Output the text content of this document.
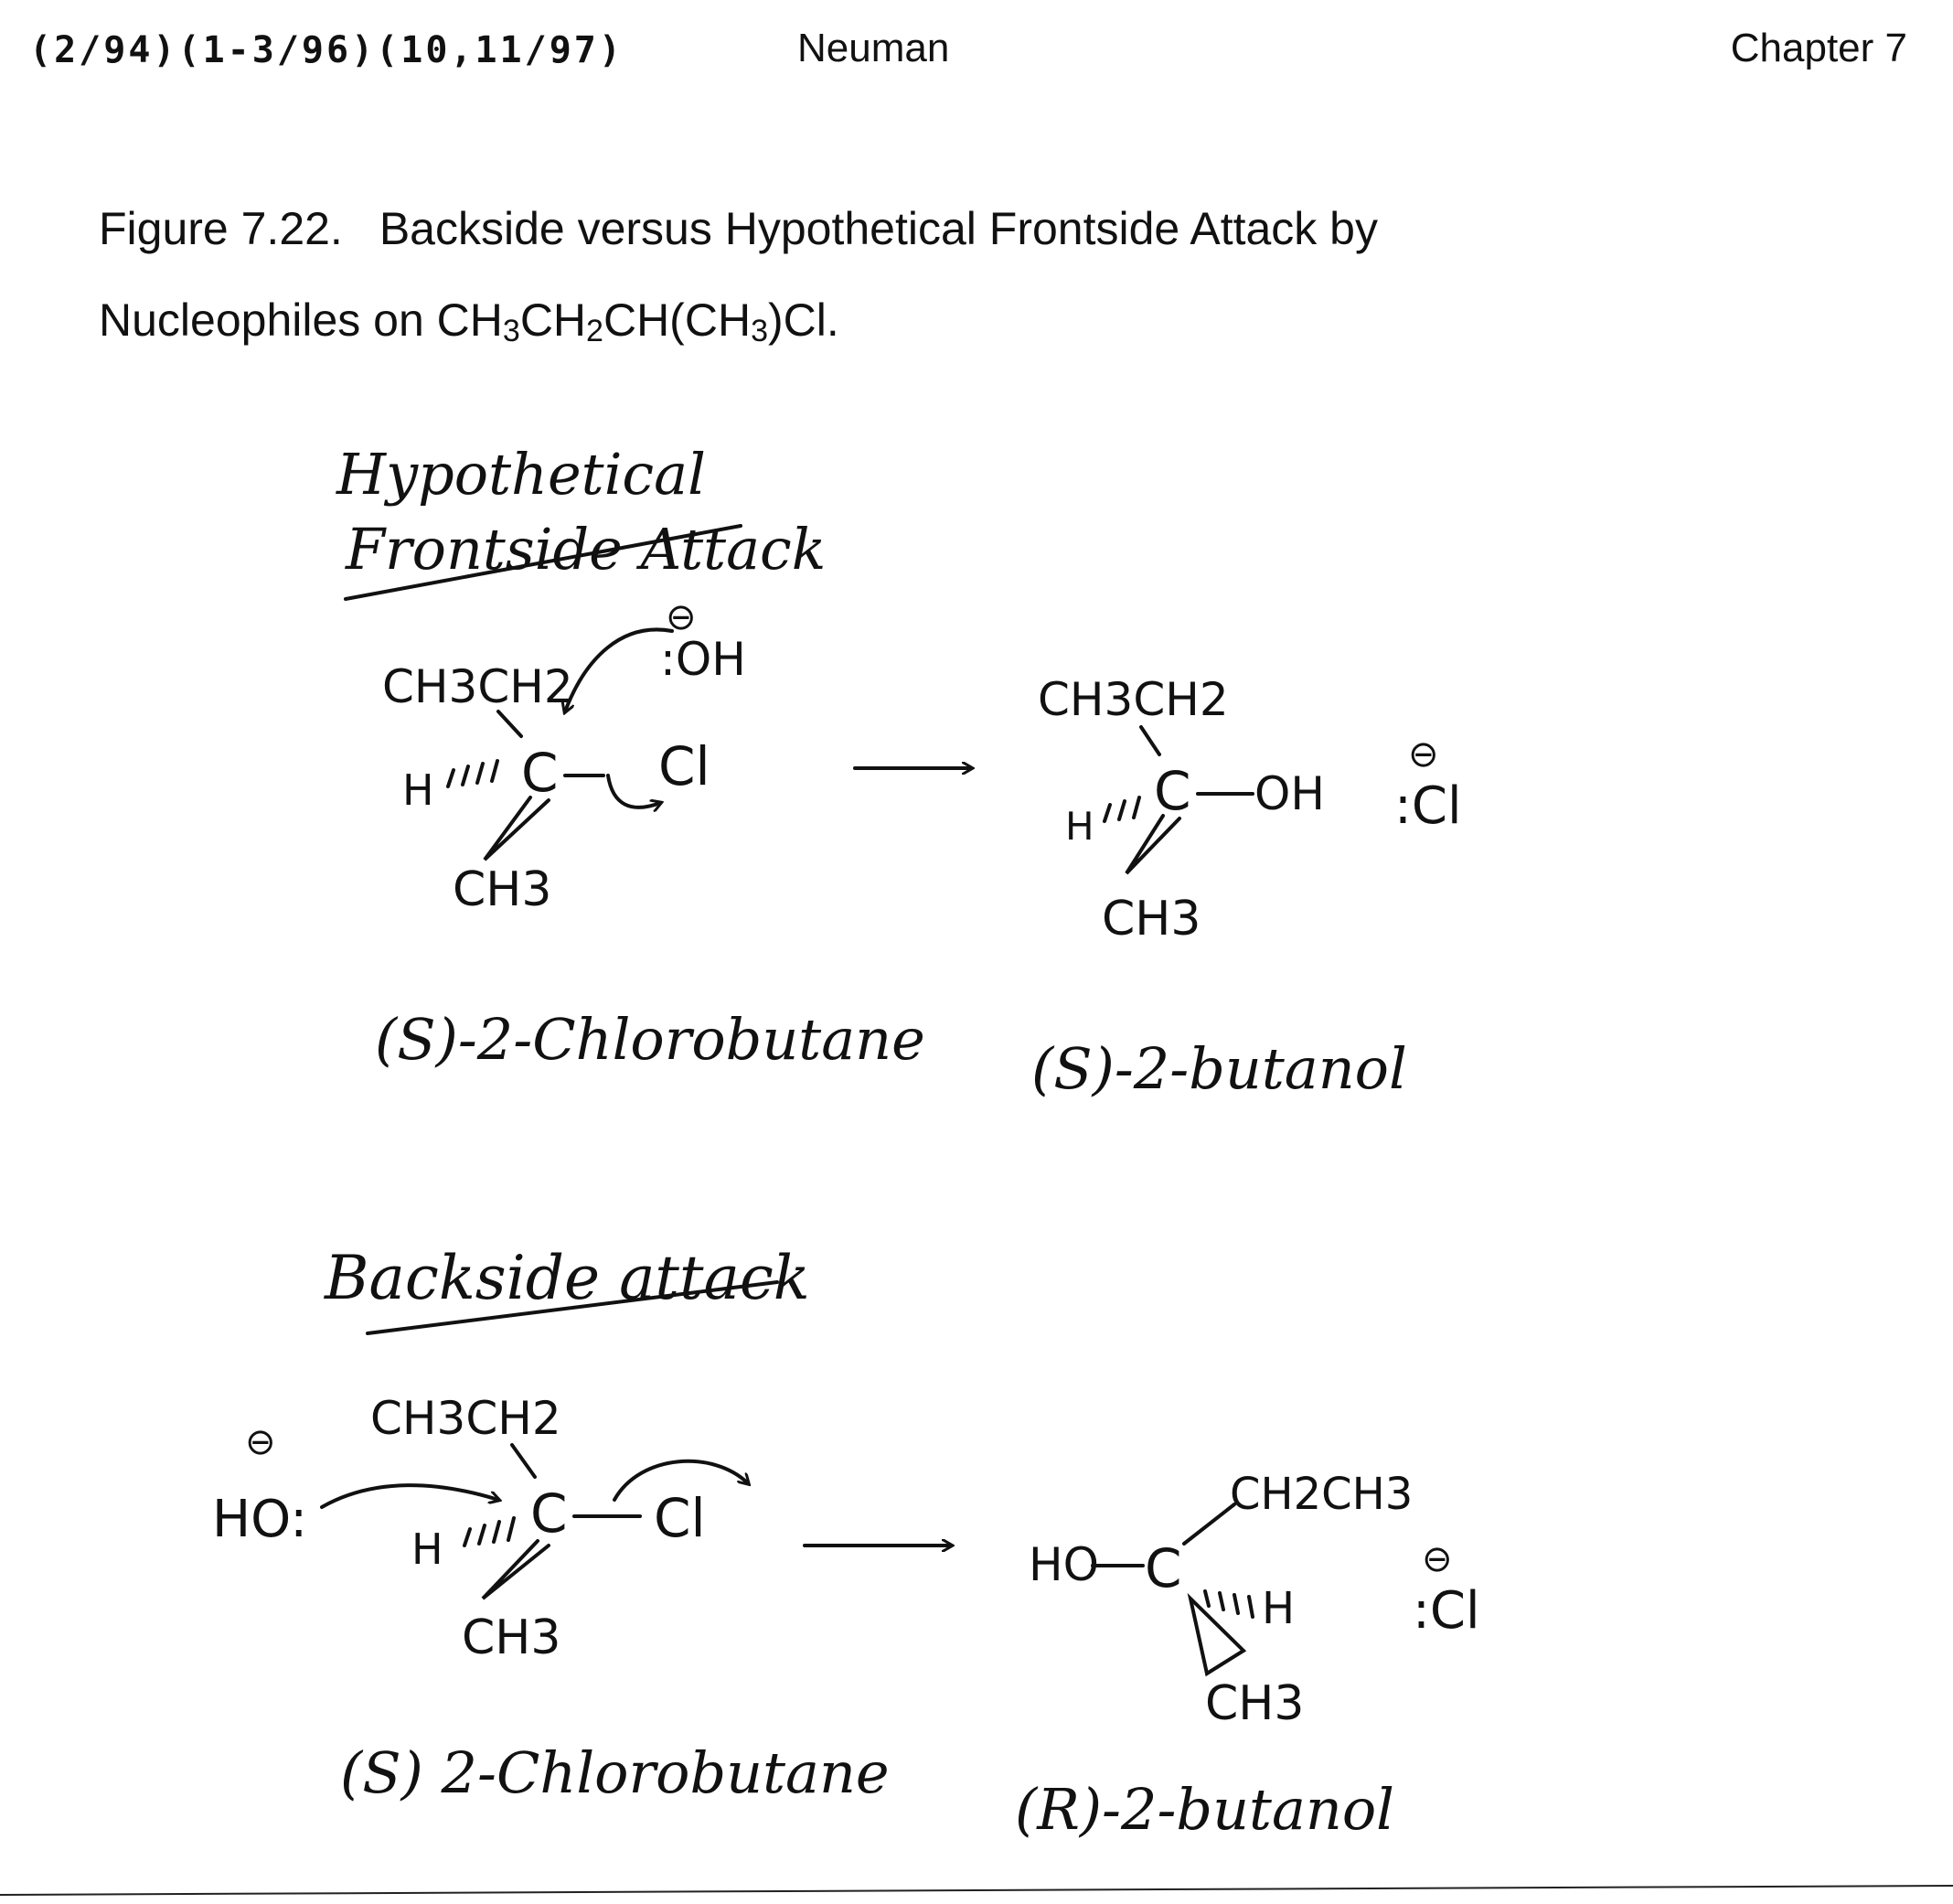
(2/94)(1-3/96)(10,11/97)	Neuman	Chapter 7
Figure 7.22. Backside versus Hypothetical Frontside Attack by
Nucleophiles on $CH_3CH_2CH(CH_3)Cl$.
Hypothetical
Frontside Attack
CH3CH2
H C Cl
CH3
⊖
:OH
CH3CH2
H
C OH
CH3
⊖
:Cl
(S)-2-Chlorobutane (S)-2-butanol
Backside attack
⊖
HO:
CH3CH2
H
C Cl
CH3
HO C
CH2CH3
H
CH3
⊖
:Cl
(S) 2-Chlorobutane
(R)-2-butanol
